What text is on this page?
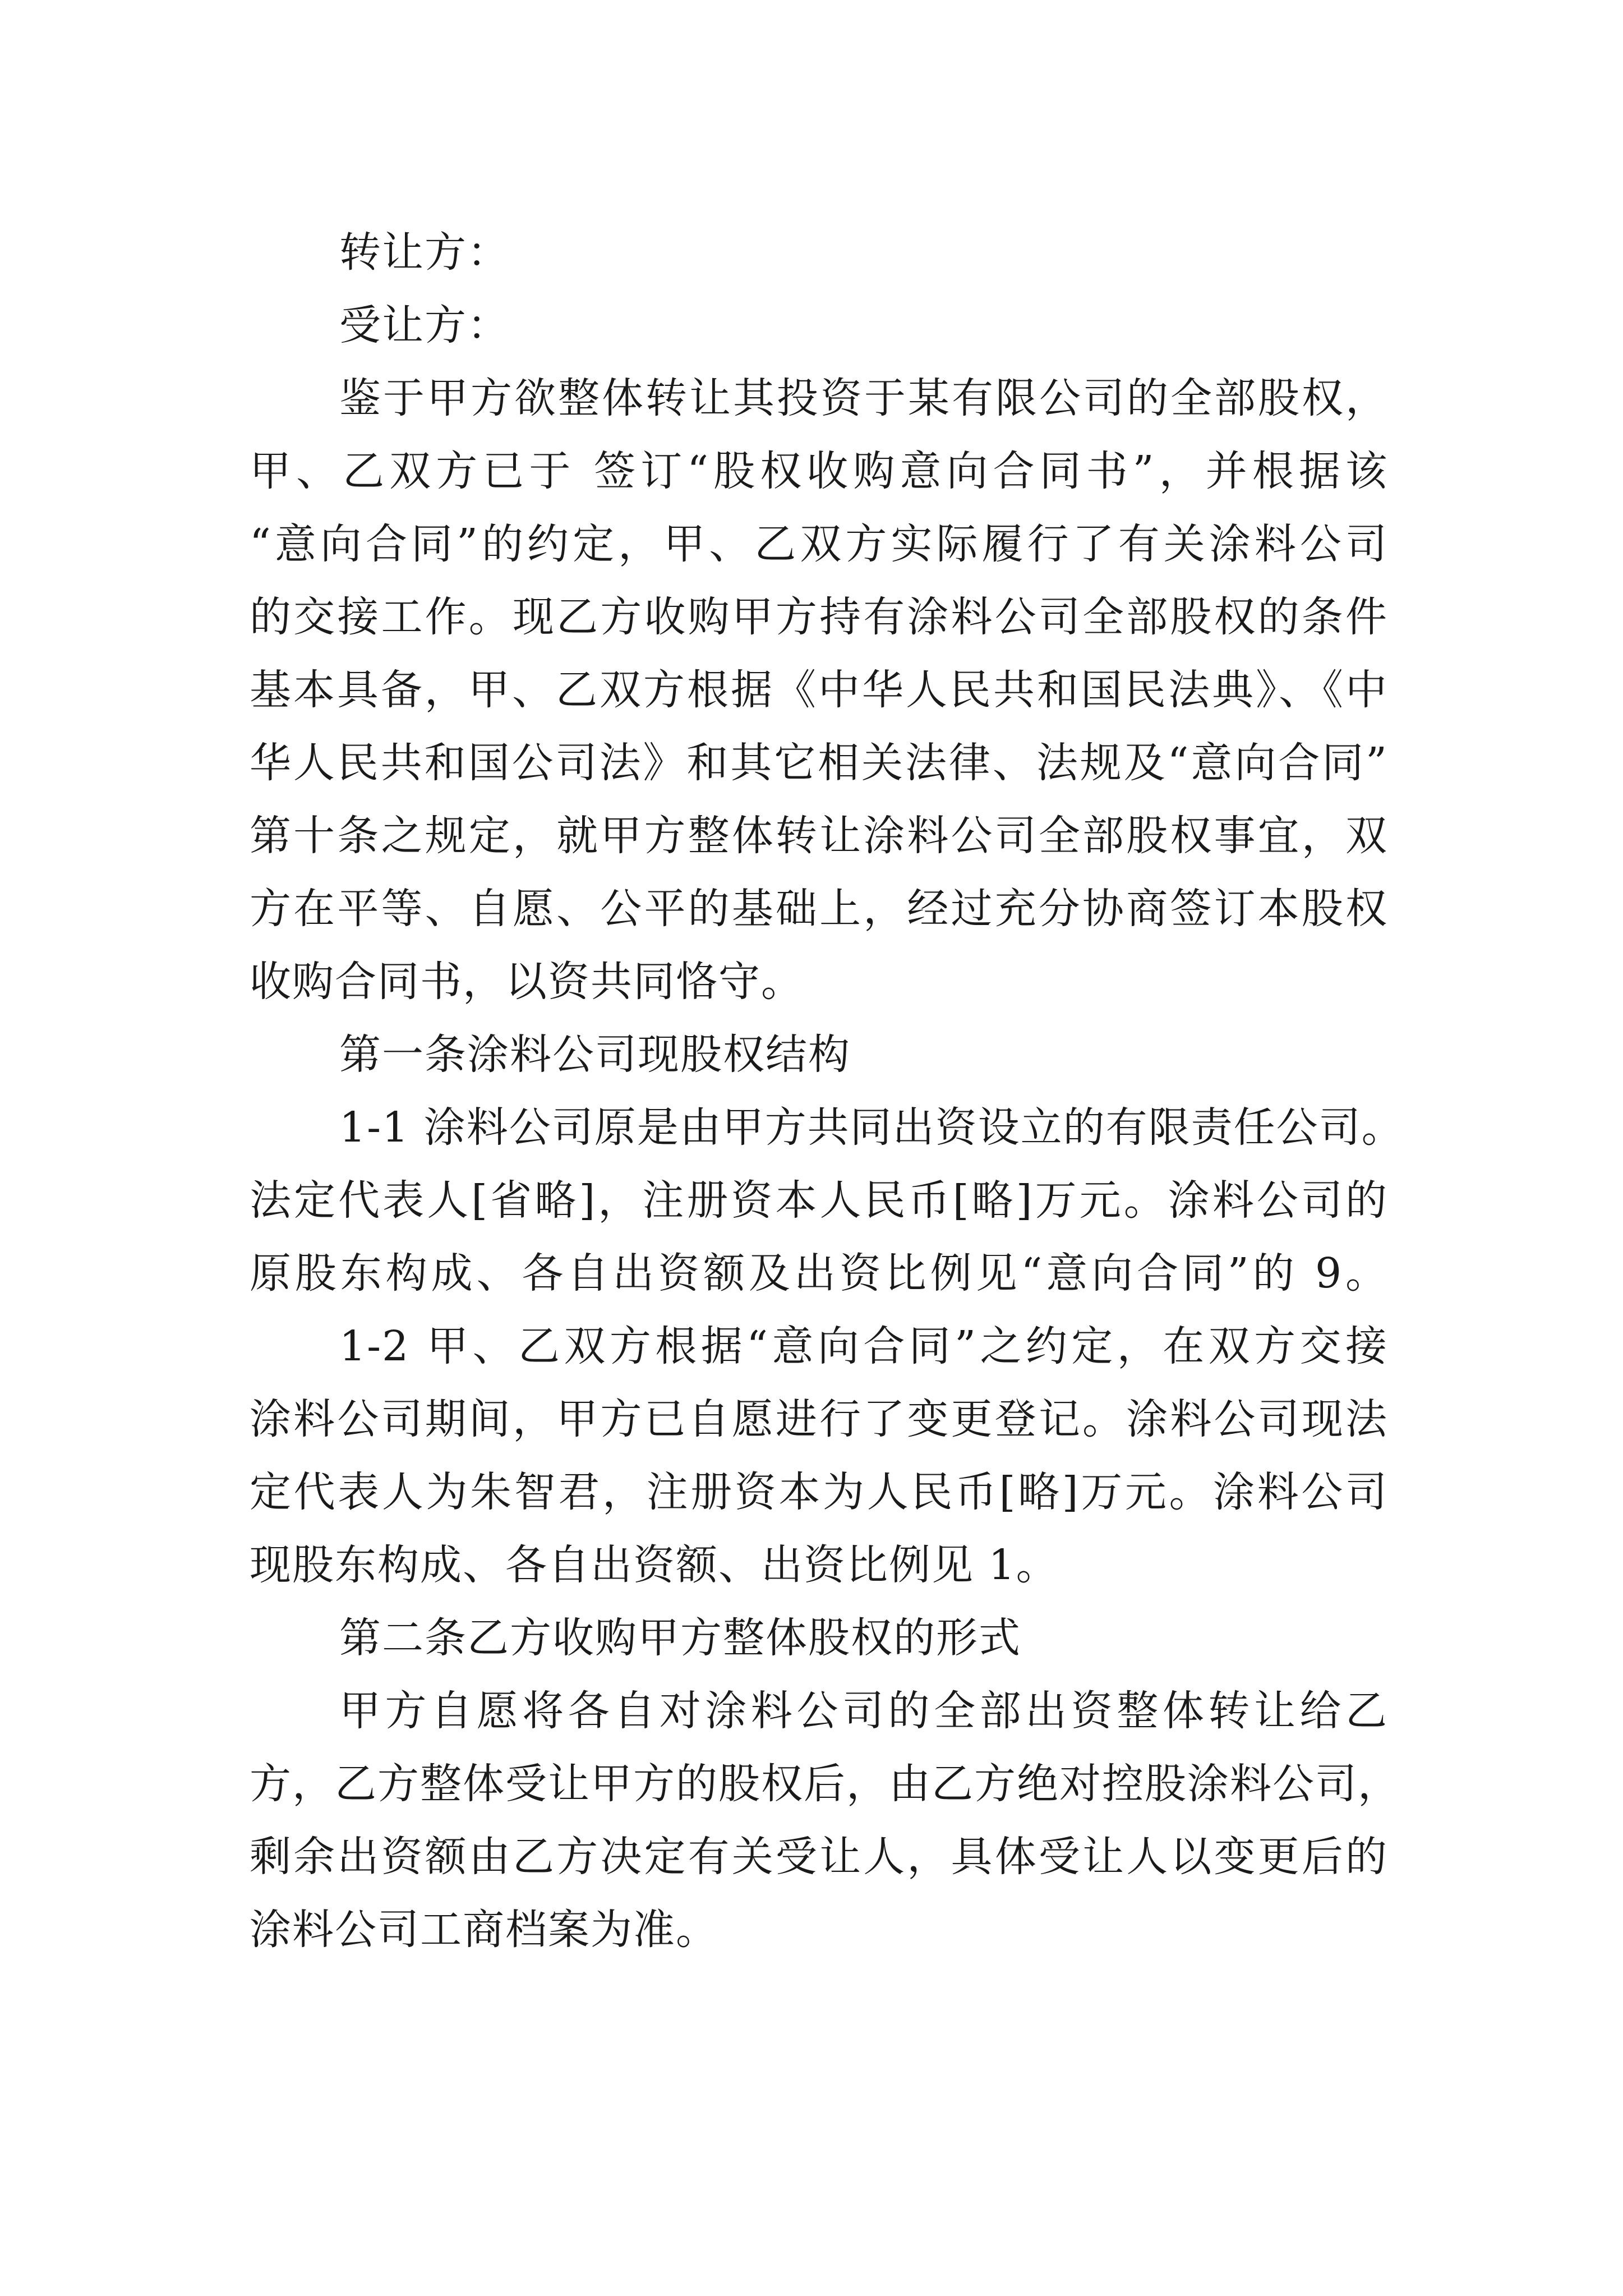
转让方：
受让方：
鉴于甲方欲整体转让其投资于某有限公司的全部股权，
甲、乙双方已于 签订“股权收购意向合同书”，并根据该
“意向合同”的约定，甲、乙双方实际履行了有关涂料公司
的交接工作。现乙方收购甲方持有涂料公司全部股权的条件
基本具备，甲、乙双方根据《中华人民共和国民法典》、《中
华人民共和国公司法》和其它相关法律、法规及“意向合同”
第十条之规定，就甲方整体转让涂料公司全部股权事宜，双
方在平等、自愿、公平的基础上，经过充分协商签订本股权
收购合同书，以资共同恪守。
第一条涂料公司现股权结构
1-1 涂料公司原是由甲方共同出资设立的有限责任公司。
法定代表人[省略]，注册资本人民币[略]万元。涂料公司的
原股东构成、各自出资额及出资比例见“意向合同”的 9。
1-2 甲、乙双方根据“意向合同”之约定，在双方交接
涂料公司期间，甲方已自愿进行了变更登记。涂料公司现法
定代表人为朱智君，注册资本为人民币[略]万元。涂料公司
现股东构成、各自出资额、出资比例见 1。
第二条乙方收购甲方整体股权的形式
甲方自愿将各自对涂料公司的全部出资整体转让给乙
方，乙方整体受让甲方的股权后，由乙方绝对控股涂料公司，
剩余出资额由乙方决定有关受让人，具体受让人以变更后的
涂料公司工商档案为准。
